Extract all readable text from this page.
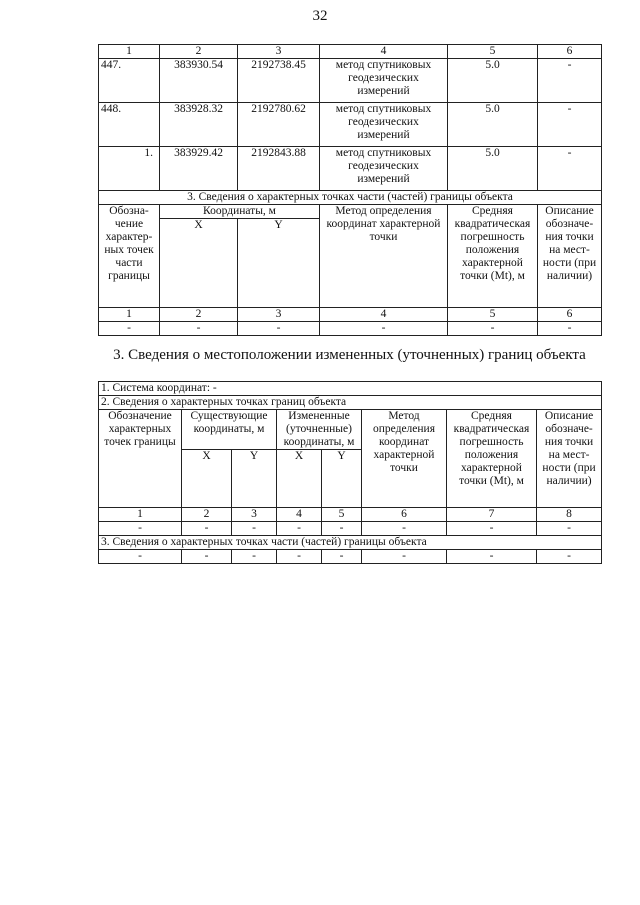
32
1	2	3	4	5	6
447.	383930.54	2192738.45	метод спутниковых геодезических измерений	5.0	-
448.	383928.32	2192780.62	метод спутниковых геодезических измерений	5.0	-
1.	383929.42	2192843.88	метод спутниковых геодезических измерений	5.0	-
3. Сведения о характерных точках части (частей) границы объекта					
Обозна-чение характер-ных точек части границы	Координаты, м		Метод определения координат характерной точки	Средняя квадратическая погрешность положения характерной точки (Mt), м	Описание обозначе-ния точки на мест-ности (при наличии)
	X	Y			
1	2	3	4	5	6
-	-	-	-	-	-
3. Сведения о местоположении измененных (уточненных) границ объекта
1. Система координат: -							
2. Сведения о характерных точках границ объекта							
Обозначение характерных точек границы	Существующие координаты, м		Измененные (уточненные) координаты, м		Метод определения координат характерной точки	Средняя квадратическая погрешность положения характерной точки (Mt), м	Описание обозначе-ния точки на мест-ности (при наличии)
	X	Y	X	Y			
1	2	3	4	5	6	7	8
-	-	-	-	-	-	-	-
3. Сведения о характерных точках части (частей) границы объекта							
-	-	-	-	-	-	-	-
